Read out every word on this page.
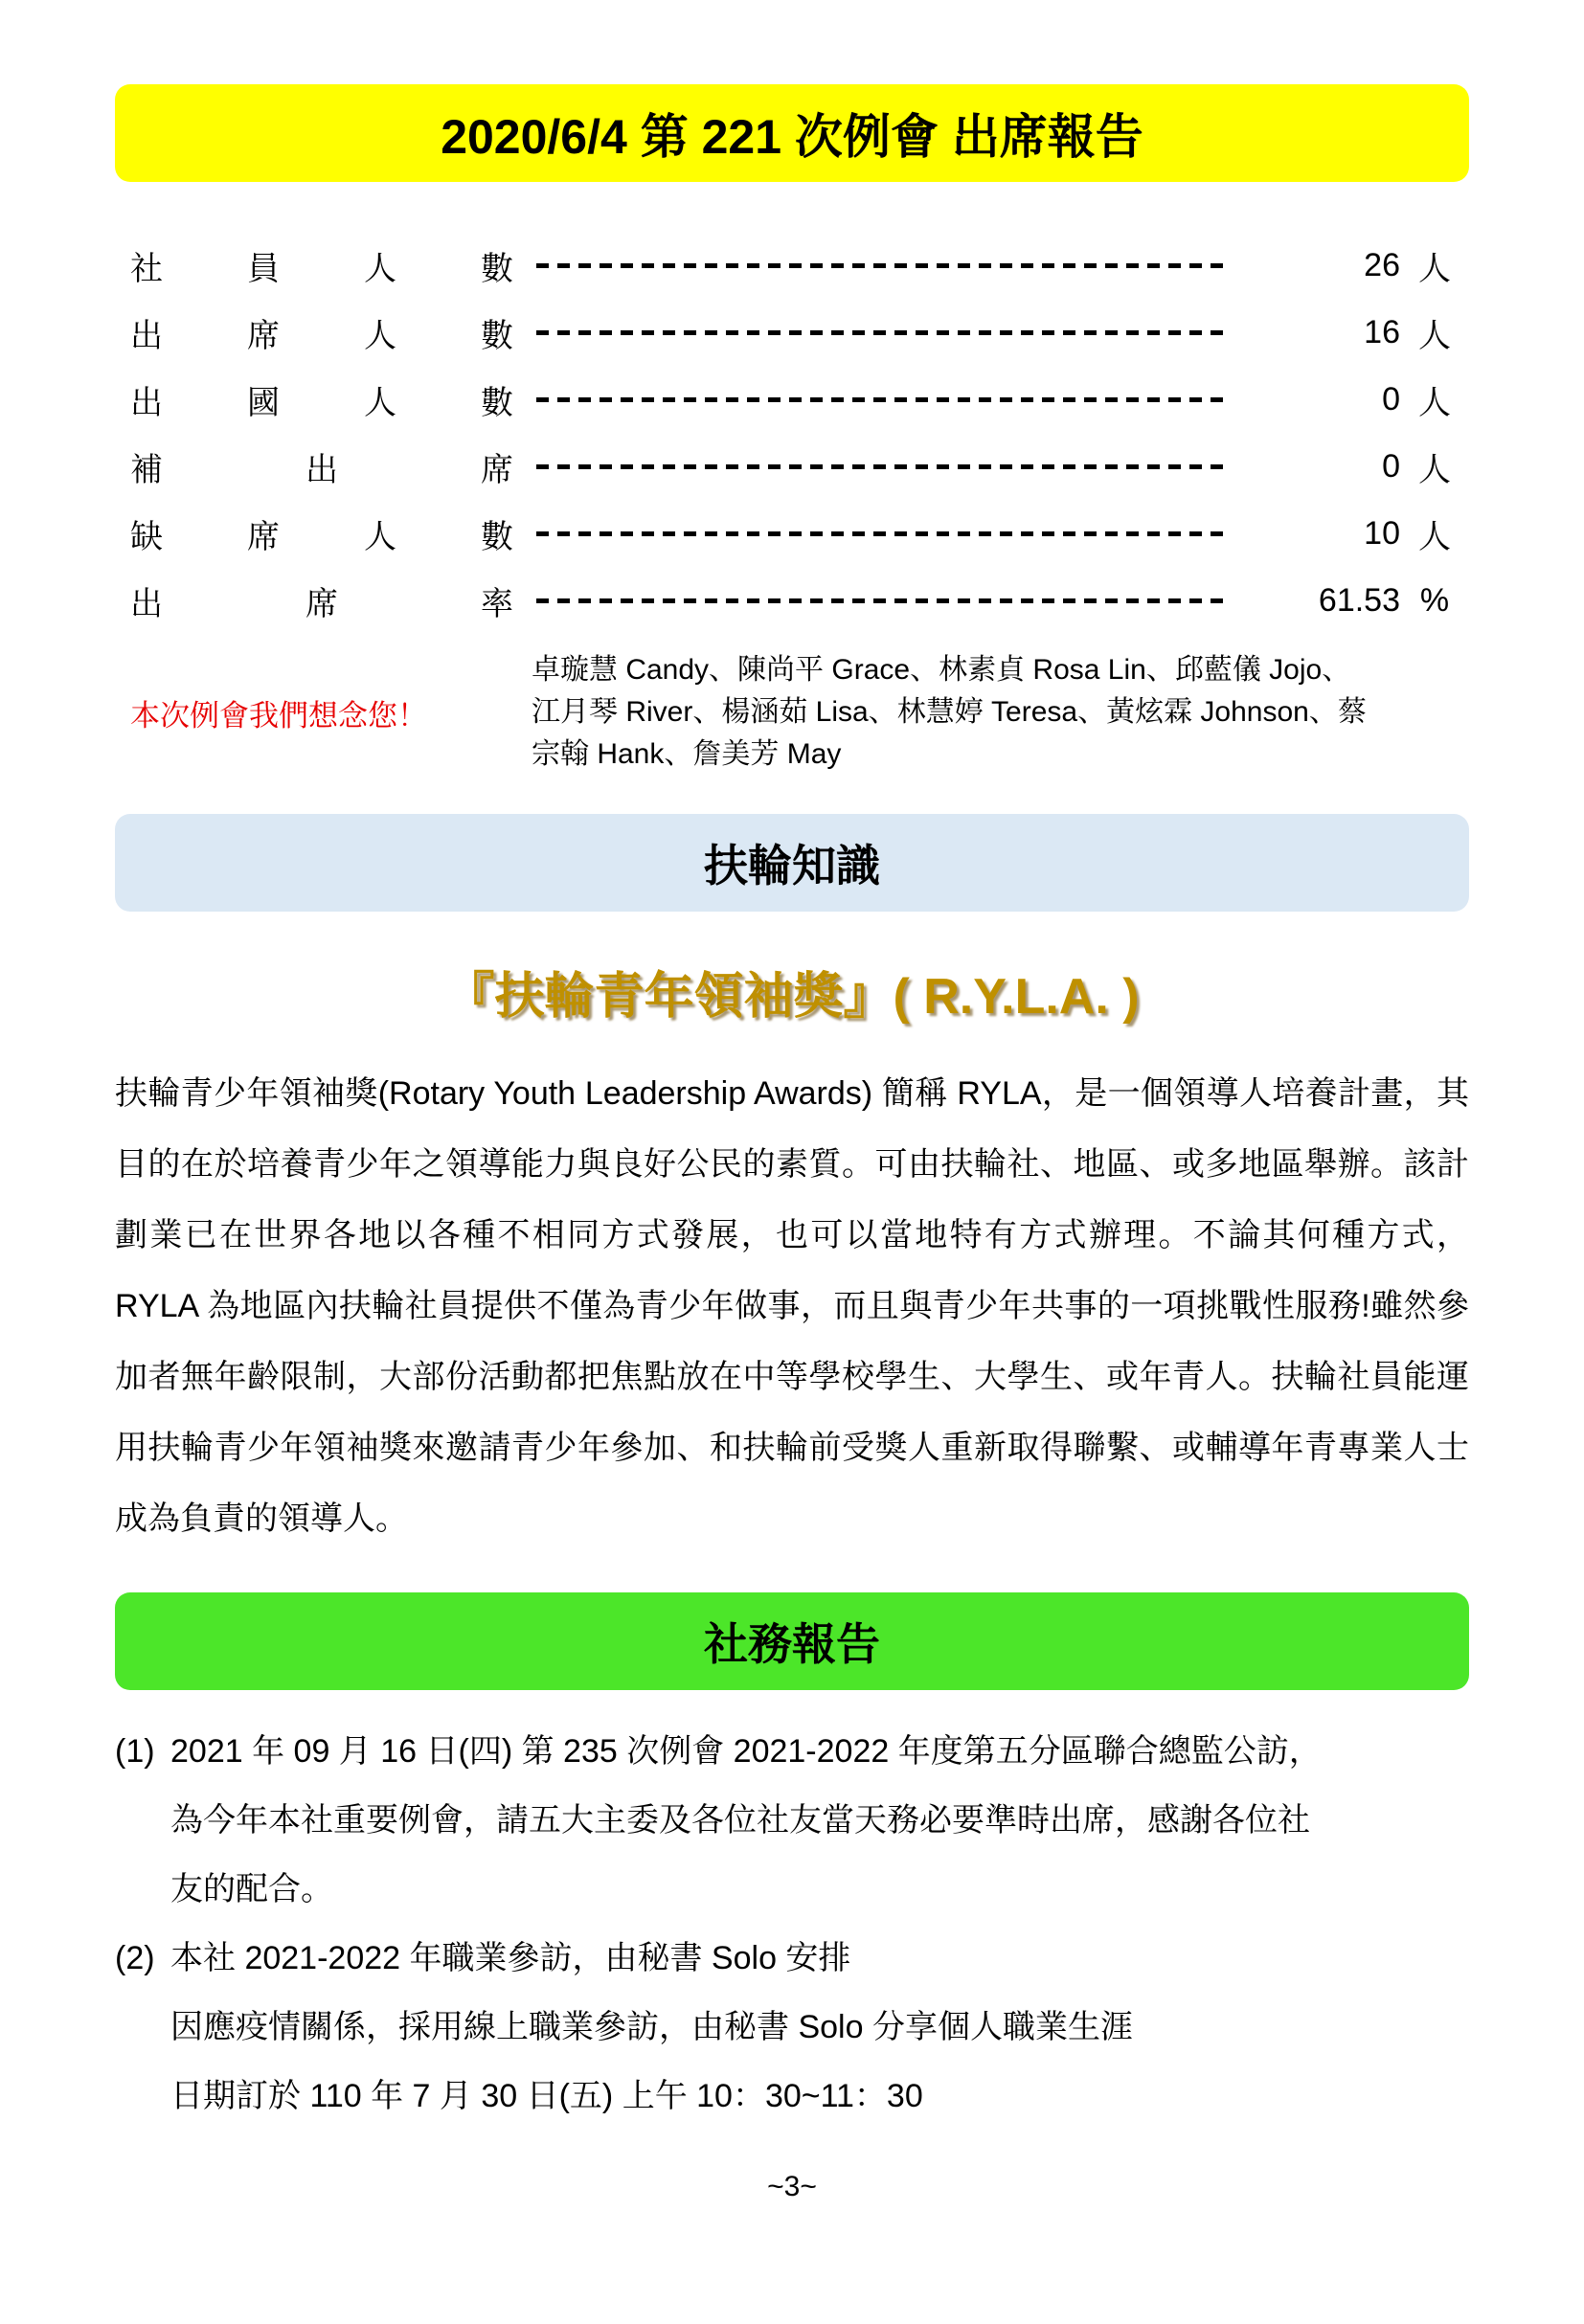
2020/6/4 第 221 次例會 出席報告
社員人數	26 人
出席人數	16 人
出國人數	0 人
補出席	0 人
缺席人數	10 人
出席率	61.53 %
本次例會我們想念您！
卓璇慧 Candy、陳尚平 Grace、林素貞 Rosa Lin、邱藍儀 Jojo、江月琴 River、楊涵茹 Lisa、林慧婷 Teresa、黃炫霖 Johnson、蔡宗翰 Hank、詹美芳 May
扶輪知識
『扶輪青年領袖獎』( R.Y.L.A. )
扶輪青少年領袖獎(Rotary Youth Leadership Awards) 簡稱 RYLA，是一個領導人培養計畫，其目的在於培養青少年之領導能力與良好公民的素質。可由扶輪社、地區、或多地區舉辦。該計劃業已在世界各地以各種不相同方式發展，也可以當地特有方式辦理。不論其何種方式，RYLA 為地區內扶輪社員提供不僅為青少年做事，而且與青少年共事的一項挑戰性服務!雖然參加者無年齡限制，大部份活動都把焦點放在中等學校學生、大學生、或年青人。扶輪社員能運用扶輪青少年領袖獎來邀請青少年參加、和扶輪前受獎人重新取得聯繫、或輔導年青專業人士成為負責的領導人。
社務報告
(1) 2021 年 09 月 16 日(四) 第 235 次例會 2021-2022 年度第五分區聯合總監公訪，
為今年本社重要例會，請五大主委及各位社友當天務必要準時出席，感謝各位社
友的配合。
(2) 本社 2021-2022 年職業參訪，由秘書 Solo 安排
因應疫情關係，採用線上職業參訪，由秘書 Solo 分享個人職業生涯
日期訂於 110 年 7 月 30 日(五) 上午 10：30~11：30
~3~
